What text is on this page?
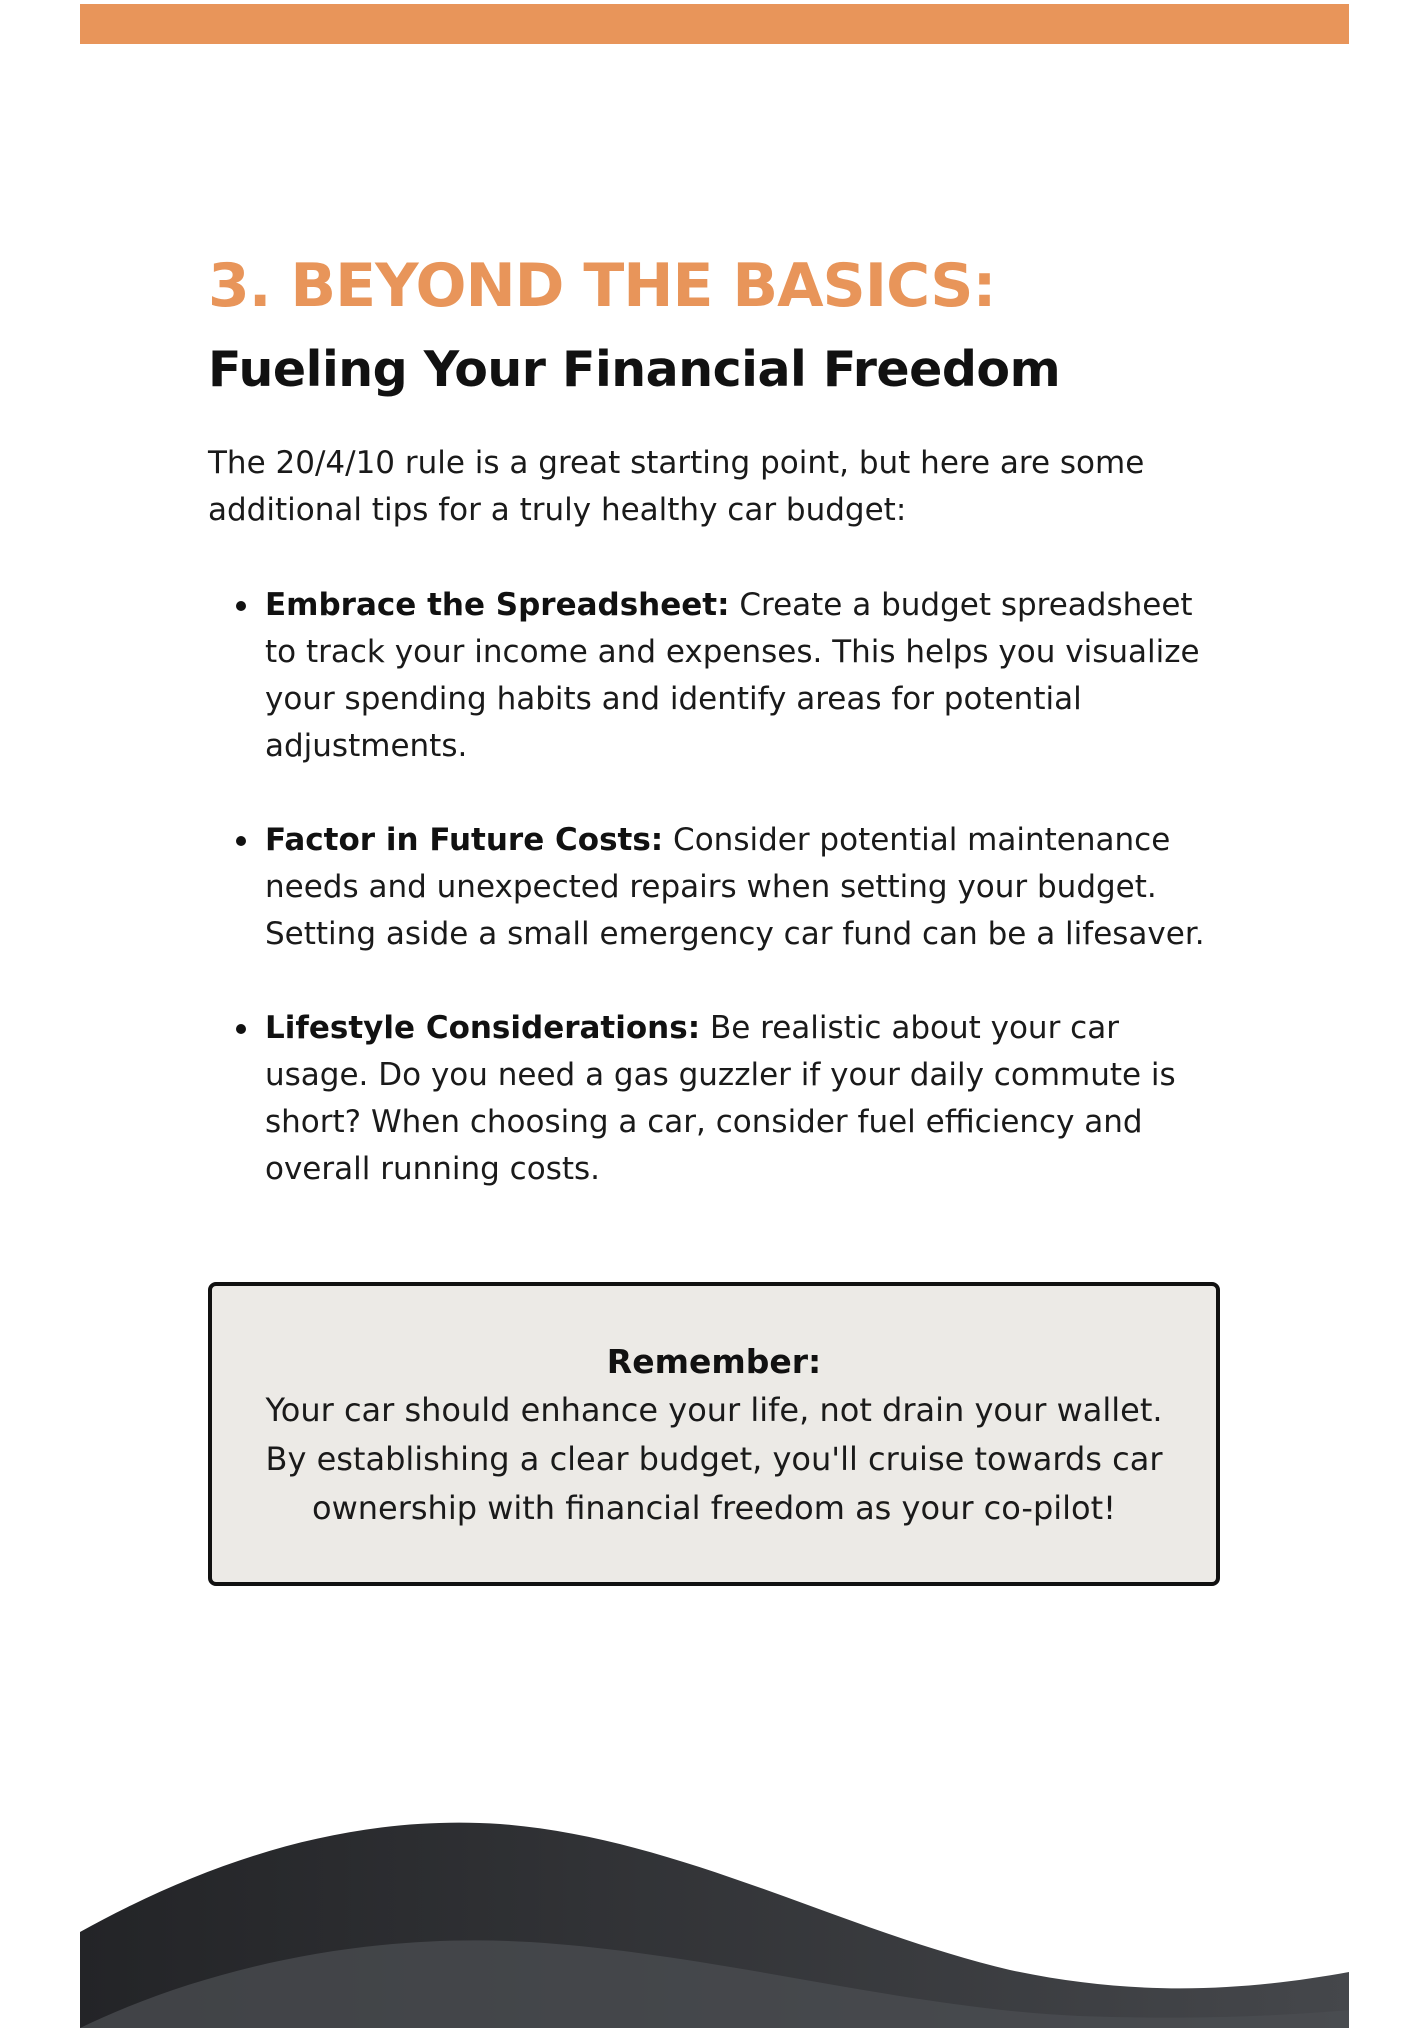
3. BEYOND THE BASICS:
Fueling Your Financial Freedom

The 20/4/10 rule is a great starting point, but here are some additional tips for a truly healthy car budget:

Embrace the Spreadsheet: Create a budget spreadsheet to track your income and expenses. This helps you visualize your spending habits and identify areas for potential adjustments.
Factor in Future Costs: Consider potential maintenance needs and unexpected repairs when setting your budget. Setting aside a small emergency car fund can be a lifesaver.
Lifestyle Considerations: Be realistic about your car usage. Do you need a gas guzzler if your daily commute is short? When choosing a car, consider fuel efficiency and overall running costs.
Remember:
Your car should enhance your life, not drain your wallet. By establishing a clear budget, you'll cruise towards car ownership with financial freedom as your co-pilot!
